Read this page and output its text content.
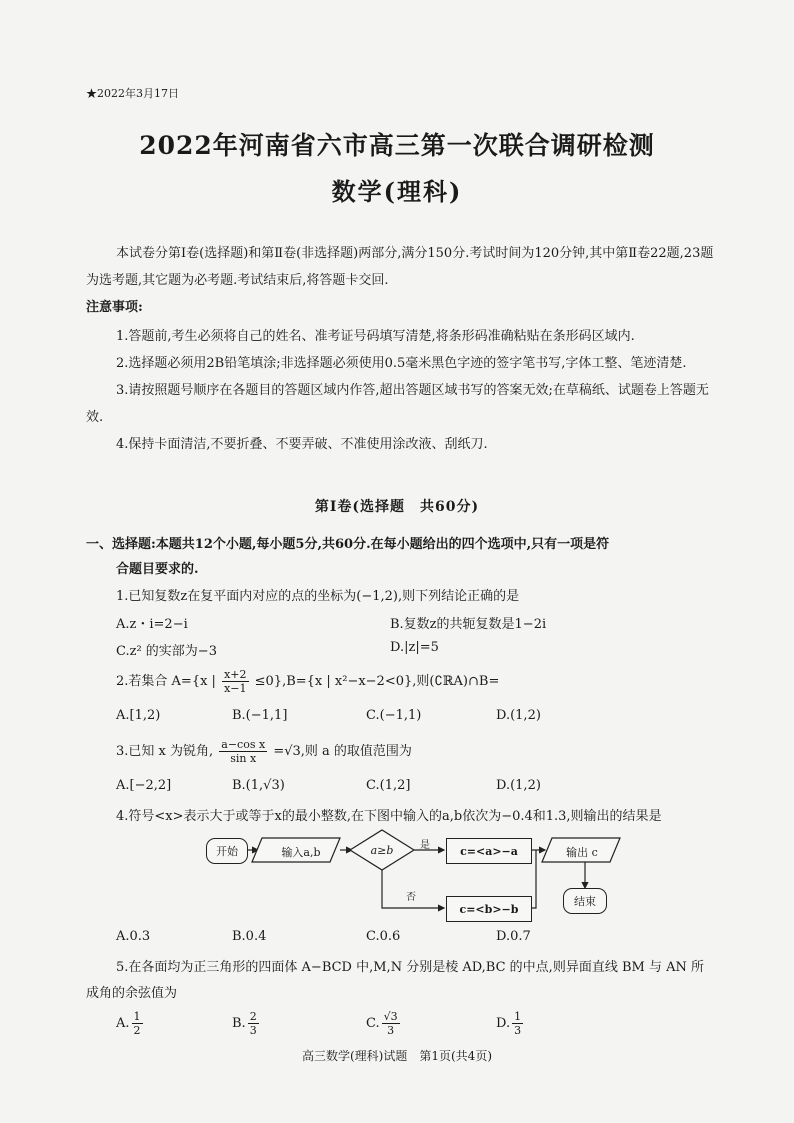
★2022年3月17日
2022年河南省六市高三第一次联合调研检测
数学(理科)
本试卷分第Ⅰ卷(选择题)和第Ⅱ卷(非选择题)两部分,满分150分.考试时间为120分钟,其中第Ⅱ卷22题,23题为选考题,其它题为必考题.考试结束后,将答题卡交回.
注意事项:
1.答题前,考生必须将自己的姓名、准考证号码填写清楚,将条形码准确粘贴在条形码区域内.
2.选择题必须用2B铅笔填涂;非选择题必须使用0.5毫米黑色字迹的签字笔书写,字体工整、笔迹清楚.
3.请按照题号顺序在各题目的答题区域内作答,超出答题区域书写的答案无效;在草稿纸、试题卷上答题无效.
4.保持卡面清洁,不要折叠、不要弄破、不准使用涂改液、刮纸刀.
第Ⅰ卷(选择题　共60分)
一、选择题:本题共12个小题,每小题5分,共60分.在每小题给出的四个选项中,只有一项是符
合题目要求的.
1.已知复数z在复平面内对应的点的坐标为(−1,2),则下列结论正确的是
A.z・i=2−i	B.复数z的共轭复数是1−2i
C.z² 的实部为−3	D.|z|=5
2.若集合 A={x | $\frac{x+2}{x-1} \le 0\},B=\{x$ | x²−x−2<0},则(∁ℝA)∩B=
A.[1,2)	B.(−1,1]	C.(−1,1)	D.(1,2)
3.已知 x 为锐角, $\frac{\text{a−cos x}}{\text{sin x}} =√3$,则 a 的取值范围为
A.[−2,2]	B.(1,√3)	C.(1,2]	D.(1,2)
4.符号<x>表示大于或等于x的最小整数,在下图中输入的a,b依次为−0.4和1.3,则输出的结果是
开始	输入a,b	a≥b	是
否
c=<a>−a
c=<b>−b
输出 c
结束
A.0.3	B.0.4	C.0.6	D.0.7
5.在各面均为正三角形的四面体 A−BCD 中,M,N 分别是棱 AD,BC 的中点,则异面直线 BM 与 AN 所
成角的余弦值为
A. $\frac{1}{2}$	B. $\frac{2}{3}$	C. $\frac{√3}{3}$	D. $\frac{1}{3}$
高三数学(理科)试题　第1页(共4页)
